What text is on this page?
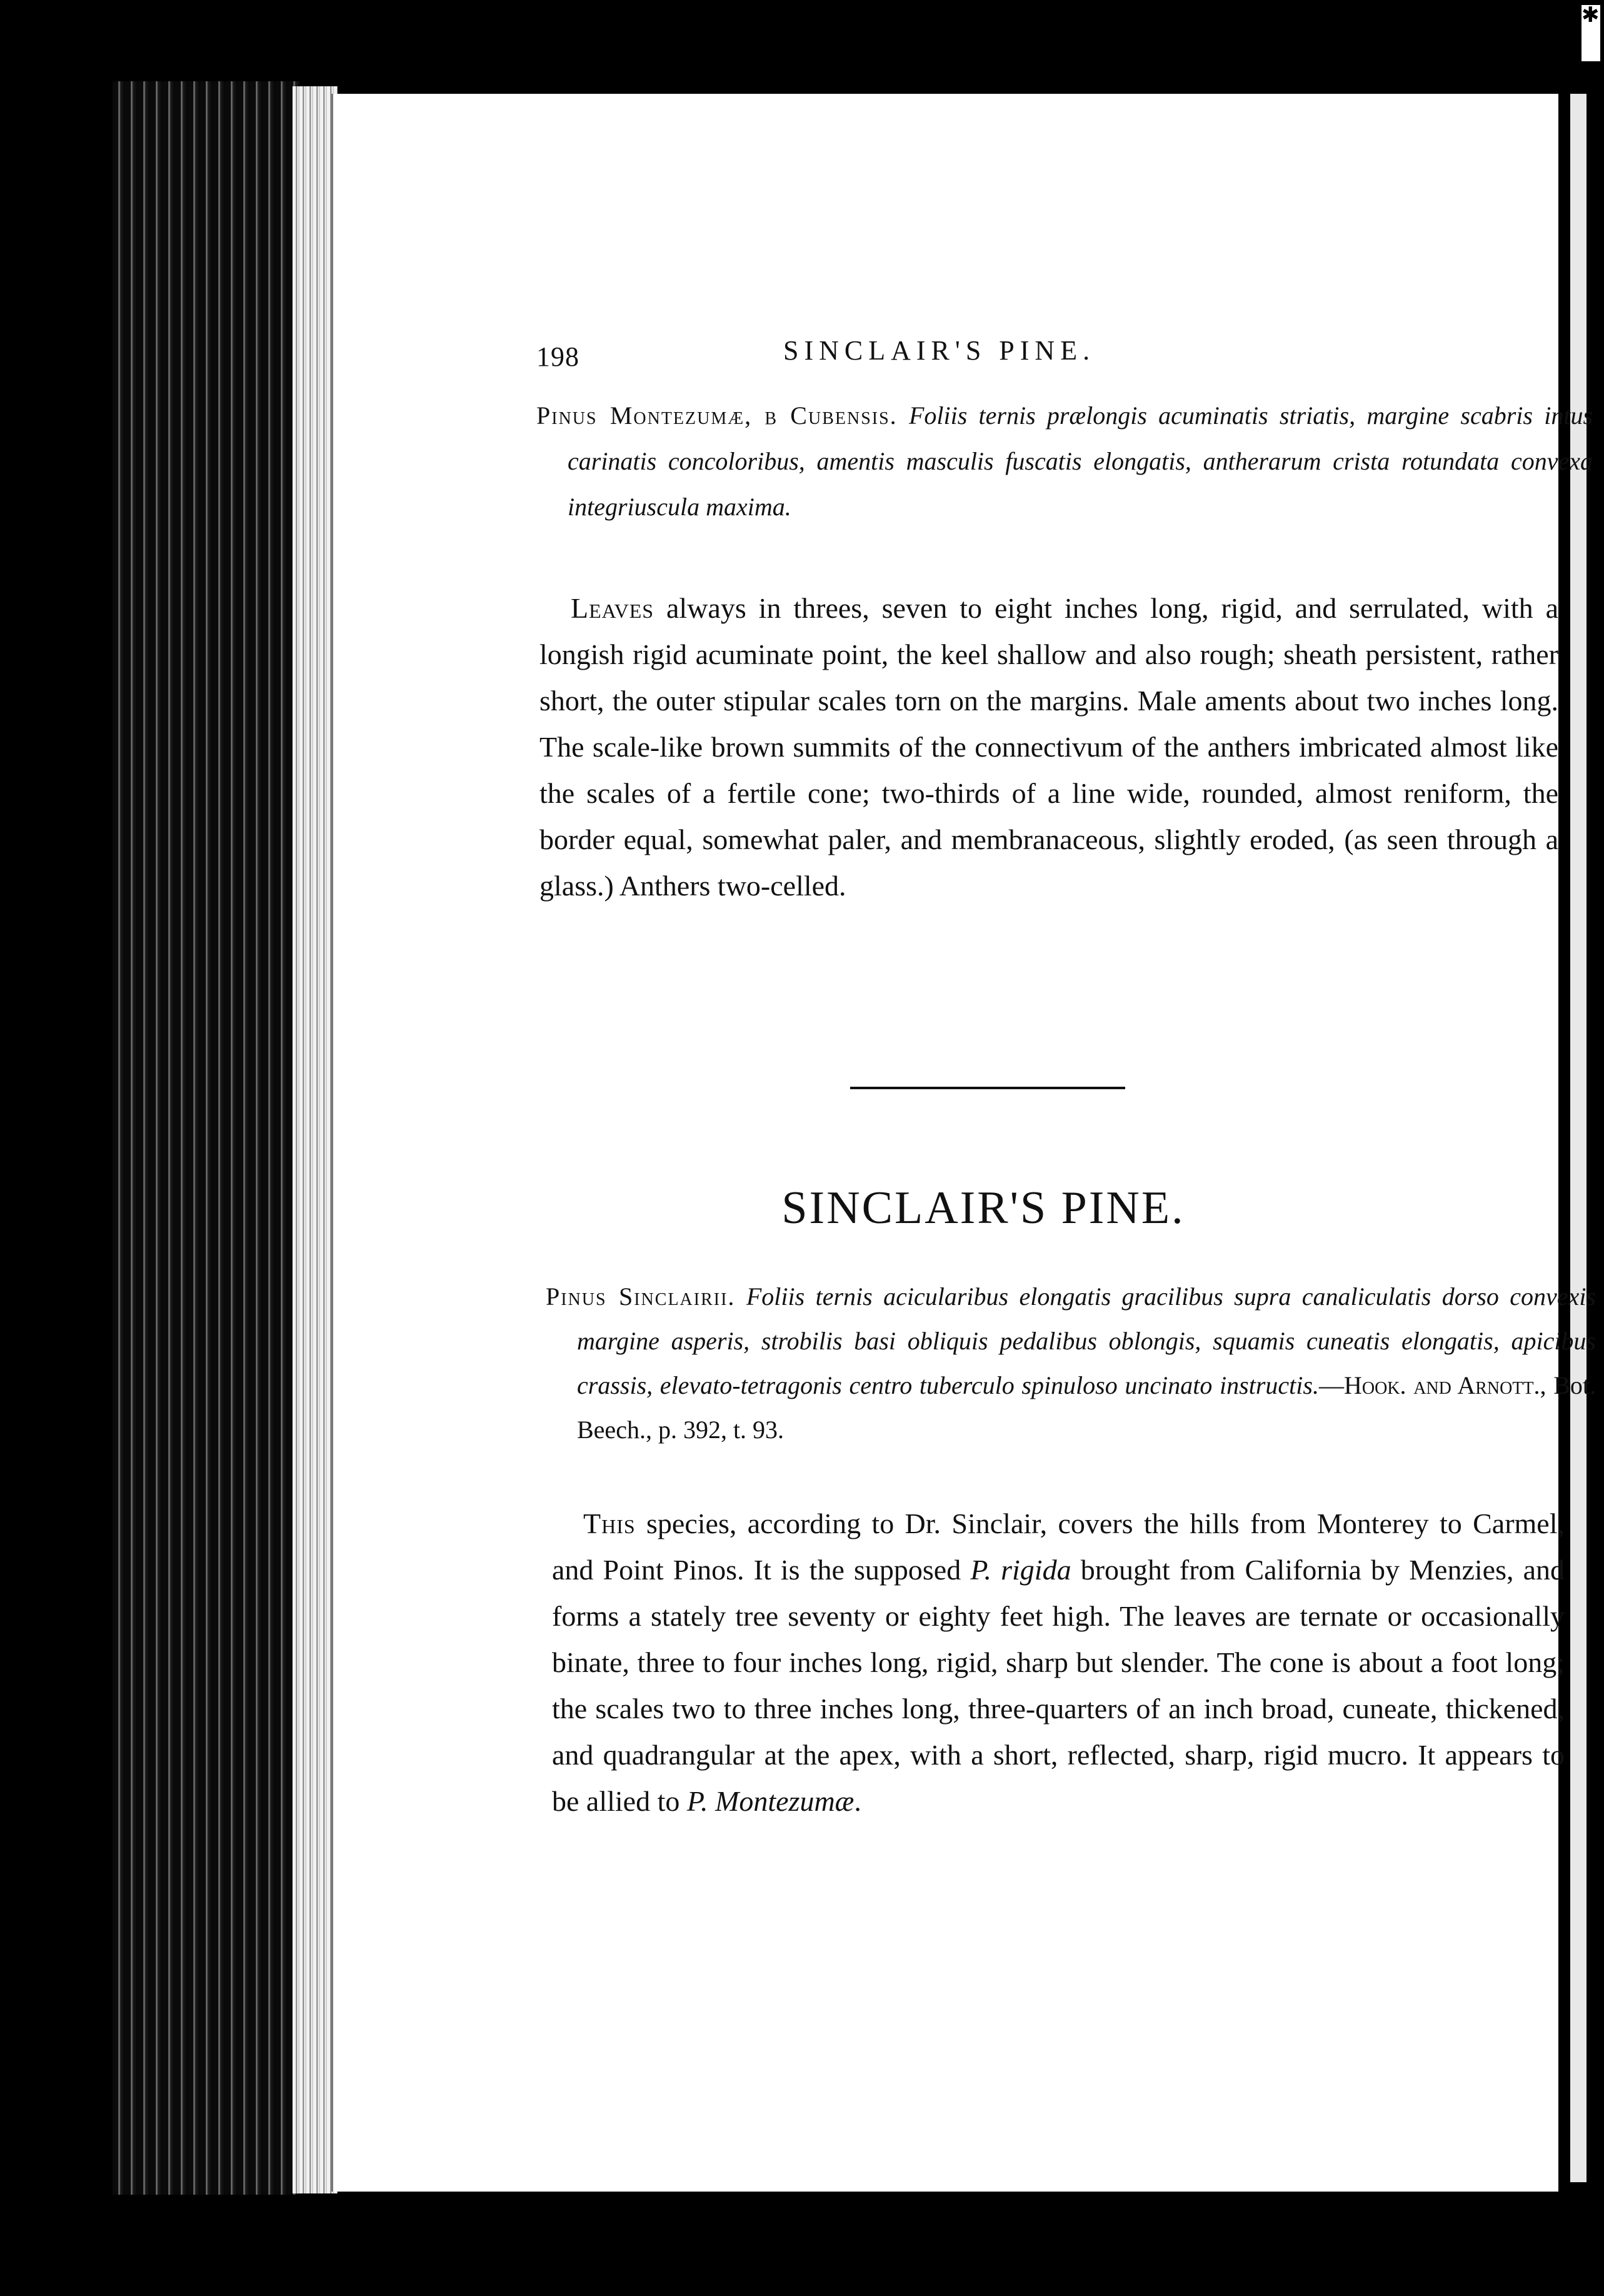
✱
198	SINCLAIR'S PINE.
Pinus Montezumæ, β Cubensis. Foliis ternis prælongis acuminatis striatis, margine scabris intus carinatis concoloribus, amentis masculis fuscatis elongatis, antherarum crista rotundata convexa integriuscula maxima.
Leaves always in threes, seven to eight inches long, rigid, and serrulated, with a longish rigid acuminate point, the keel shallow and also rough; sheath persistent, rather short, the outer stipular scales torn on the margins. Male aments about two inches long. The scale-like brown summits of the connectivum of the anthers imbricated almost like the scales of a fertile cone; two-thirds of a line wide, rounded, almost reniform, the border equal, somewhat paler, and membranaceous, slightly eroded, (as seen through a glass.) Anthers two-celled.
SINCLAIR'S PINE.
Pinus Sinclairii. Foliis ternis acicularibus elongatis gracilibus supra canaliculatis dorso convexis margine asperis, strobilis basi obliquis pedalibus oblongis, squamis cuneatis elongatis, apicibus crassis, elevato-tetragonis centro tuberculo spinuloso uncinato instructis.—Hook. and Arnott., Bot. Beech., p. 392, t. 93.
This species, according to Dr. Sinclair, covers the hills from Monterey to Carmel, and Point Pinos. It is the supposed P. rigida brought from California by Menzies, and forms a stately tree seventy or eighty feet high. The leaves are ternate or occasionally binate, three to four inches long, rigid, sharp but slender. The cone is about a foot long; the scales two to three inches long, three-quarters of an inch broad, cuneate, thickened, and quadrangular at the apex, with a short, reflected, sharp, rigid mucro. It appears to be allied to P. Montezumæ.
